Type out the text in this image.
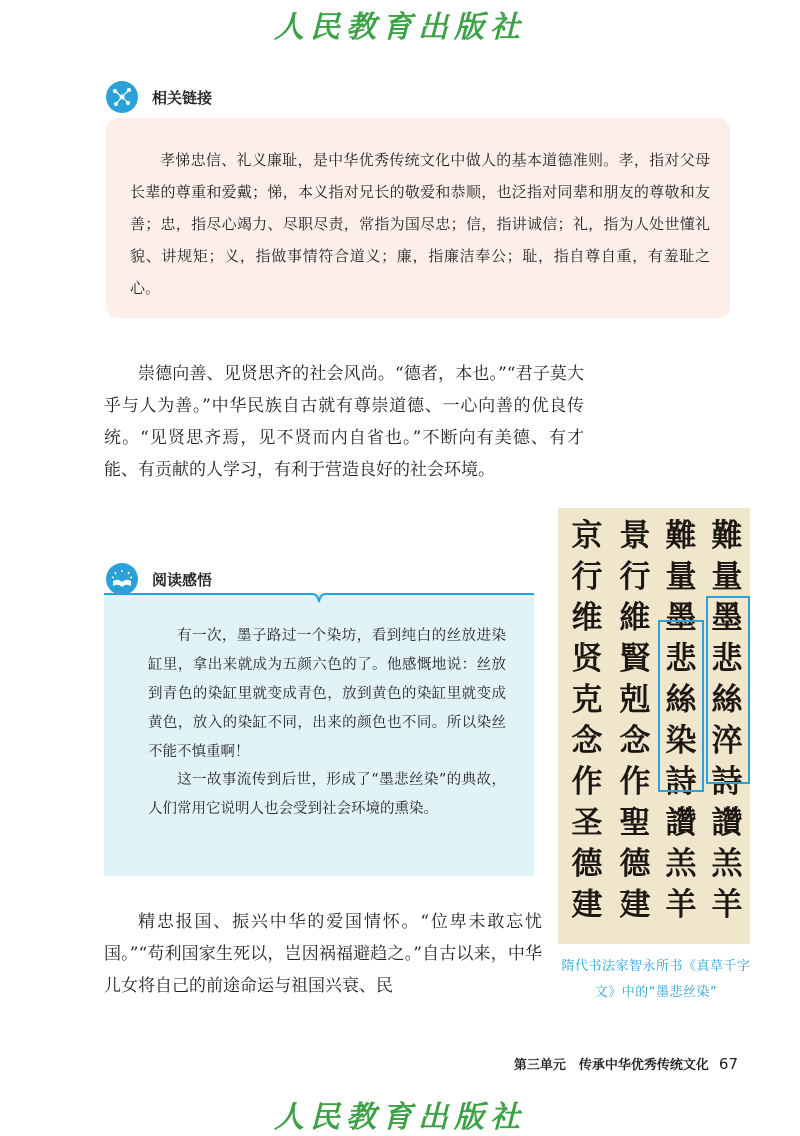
人民教育出版社
相关链接

孝悌忠信、礼义廉耻，是中华优秀传统文化中做人的基本道德准则。孝，指对父母长辈的尊重和爱戴；悌，本义指对兄长的敬爱和恭顺，也泛指对同辈和朋友的尊敬和友善；忠，指尽心竭力、尽职尽责，常指为国尽忠；信，指讲诚信；礼，指为人处世懂礼貌、讲规矩；义，指做事情符合道义；廉，指廉洁奉公；耻，指自尊自重，有羞耻之心。

崇德向善、见贤思齐的社会风尚。“德者，本也。”“君子莫大乎与人为善。”中华民族自古就有尊崇道德、一心向善的优良传统。“见贤思齐焉，见不贤而内自省也。”不断向有美德、有才能、有贡献的人学习，有利于营造良好的社会环境。

阅读感悟

有一次，墨子路过一个染坊，看到纯白的丝放进染缸里，拿出来就成为五颜六色的了。他感慨地说：丝放到青色的染缸里就变成青色，放到黄色的染缸里就变成黄色，放入的染缸不同，出来的颜色也不同。所以染丝不能不慎重啊！

这一故事流传到后世，形成了“墨悲丝染”的典故，人们常用它说明人也会受到社会环境的熏染。

難量墨悲絲淬詩讚羔羊
難量墨悲絲染詩讚羔羊
景行維賢剋念作聖德建
京行维贤克念作圣德建
隋代书法家智永所书《真草千字文》中的“墨悲丝染”

精忠报国、振兴中华的爱国情怀。“位卑未敢忘忧国。”“苟利国家生死以，岂因祸福避趋之。”自古以来，中华儿女将自己的前途命运与祖国兴衰、民

第三单元　传承中华优秀传统文化 67
人民教育出版社
